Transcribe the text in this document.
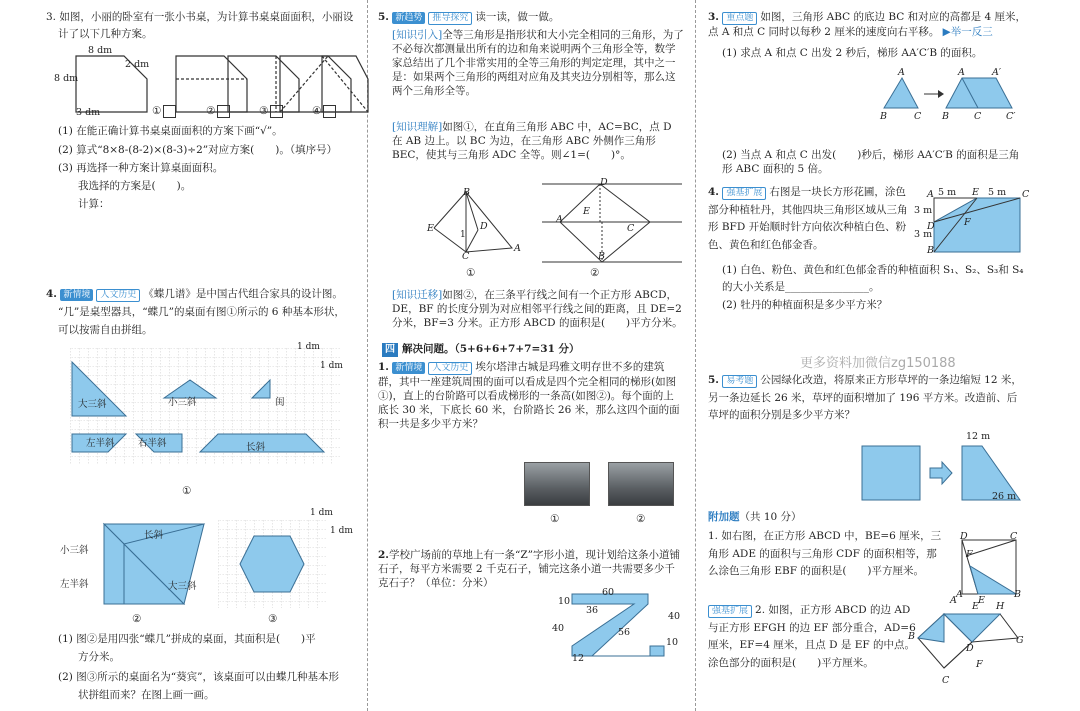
3. 如图，小丽的卧室有一张小书桌，为计算书桌桌面面积，小丽设
计了以下几种方案。
8 dm
8 dm
2 dm
3 dm	①	②	③	④
(1) 在能正确计算书桌桌面面积的方案下画“√”。
(2) 算式“8×8-(8-2)×(8-3)÷2”对应方案(　　)。（填序号）
(3) 再选择一种方案计算桌面面积。
我选择的方案是(　　)。
计算：
4. 新情境 人文历史 《蝶几谱》是中国古代组合家具的设计图。
“几”是桌型器具，“蝶几”的桌面有图①所示的 6 种基本形状，
可以按需自由拼组。
1 dm
1 dm
大三斜	小三斜	闺
左半斜 右半斜	长斜
①
长斜
小三斜
大三斜
左半斜
②
1 dm
1 dm
③
(1) 图②是用四张“蝶几”拼成的桌面，其面积是(　　)平
方分米。
(2) 图③所示的桌面名为“葵宾”，该桌面可以由蝶几种基本形
状拼组而来？在图上画一画。
5. 新趋势 推导探究 读一读，做一做。
[知识引入]全等三角形是指形状和大小完全相同的三角形，为了不必每次都测量出所有的边和角来说明两个三角形全等，数学家总结出了几个非常实用的全等三角形的判定定理，其中之一是：如果两个三角形的两组对应角及其夹边分别相等，那么这两个三角形全等。
[知识理解]如图①，在直角三角形 ABC 中，AC=BC，点 D 在 AB 边上。以 BC 为边，在三角形 ABC 外侧作三角形 BEC，使其与三角形 ADC 全等。则∠1=(　　)°。
B
E
C
A
D
1
D
E
A
C
B
①	②
[知识迁移]如图②，在三条平行线之间有一个正方形 ABCD，DE，BF 的长度分别为对应相邻平行线之间的距离，且 DE=2 分米，BF=3 分米。正方形 ABCD 的面积是(　　)平方分米。
四 解决问题。（5+6+6+7+7=31 分）
1. 新情境 人文历史 埃尔塔津古城是玛雅文明存世不多的建筑群，其中一座建筑周围的面可以看成是四个完全相同的梯形(如图①)，直上的台阶路可以看成梯形的一条高(如图②)。每个面的上底长 30 米，下底长 60 米，台阶路长 26 米，那么这四个面的面积一共是多少平方米？
①	②
2.学校广场前的草地上有一条“Z”字形小道，现计划给这条小道铺石子，每平方米需要 2 千克石子，铺完这条小道一共需要多少千克石子？（单位：分米）
60
10
36
40	56
40
10
12
3. 重点题 如图，三角形 ABC 的底边 BC 和对应的高都是 4 厘米，点 A 和点 C 同时以每秒 2 厘米的速度向右平移。 ▶举一反三
(1) 求点 A 和点 C 出发 2 秒后，梯形 AA′C′B 的面积。
A
B	C
A	A′
B	C	C′
(2) 当点 A 和点 C 出发(　　)秒后，梯形 AA′C′B 的面积是三角形 ABC 面积的 5 倍。
4. 强基扩展 右图是一块长方形花圃，涂色部分种植牡丹，其他四块三角形区域从三角形 BFD 开始顺时针方向依次种植白色、粉色、黄色和红色郁金香。
5 m	5 m
3 m
3 m
A	E	C
F
D
B
(1) 白色、粉色、黄色和红色郁金香的种植面积 S₁、S₂、S₃和 S₄的大小关系是________________。
(2) 牡丹的种植面积是多少平方米？
更多资料加微信zg150188
5. 易考题 公园绿化改造，将原来正方形草坪的一条边缩短 12 米，另一条边延长 26 米，草坪的面积增加了 196 平方米。改造前、后草坪的面积分别是多少平方米？
12 m
26 m
附加题（共 10 分）
1. 如右图，在正方形 ABCD 中，BE=6 厘米，三角形 ADE 的面积与三角形 CDF 的面积相等，那么涂色三角形 EBF 的面积是(　　)平方厘米。
D	C
F
A
E
B
强基扩展 2. 如图，正方形 ABCD 的边 AD 与正方形 EFGH 的边 EF 部分重合，AD=6 厘米，EF=4 厘米，且点 D 是 EF 的中点。涂色部分的面积是(　　)平方厘米。
A
E H
B
D
G
F
C
